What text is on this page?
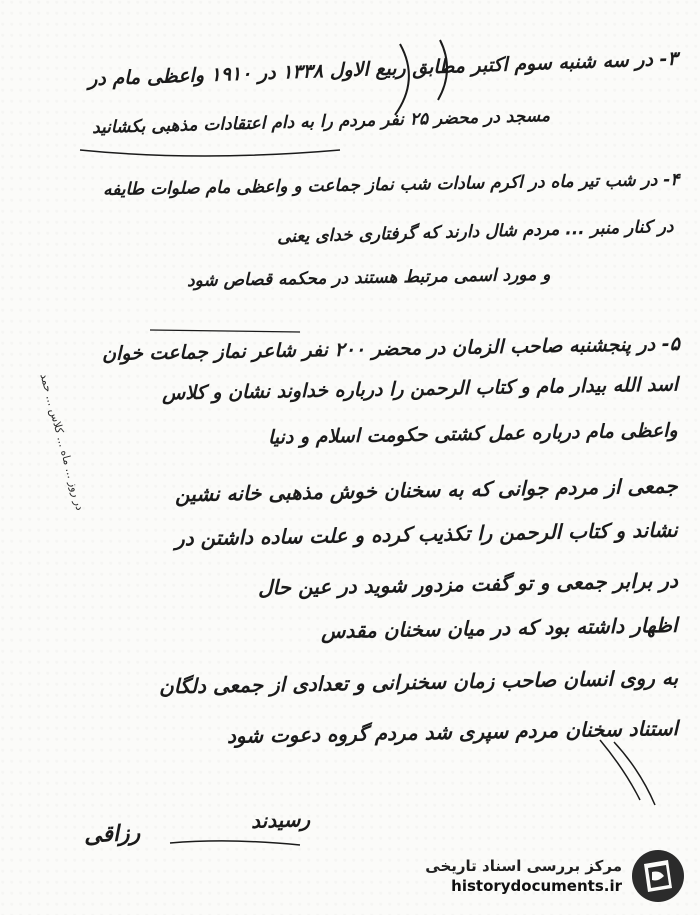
۳- در سه شنبه سوم اکتبر مطابق ربیع الاول ۱۳۳۸ در ۱۹۱۰ واعظی مام در
مسجد در محضر ۲۵ نفر مردم را به دام اعتقادات مذهبی بکشانید
۴- در شب تیر ماه در اکرم سادات شب نماز جماعت و واعظی مام صلوات طایفه
در کنار منبر ... مردم شال دارند که گرفتاری خدای یعنی
و مورد اسمی مرتبط هستند در محکمه قصاص شود
۵- در پنجشنبه صاحب الزمان در محضر ۲۰۰ نفر شاعر نماز جماعت خوان
اسد الله بیدار مام و کتاب الرحمن را درباره خداوند نشان و کلاس
واعظی مام درباره عمل کشتی حکومت اسلام و دنیا
جمعی از مردم جوانی که به سخنان خوش مذهبی خانه نشین
نشاند و کتاب الرحمن را تکذیب کرده و علت ساده داشتن در
در برابر جمعی و تو گفت مزدور شوید در عین حال
اظهار داشته بود که در میان سخنان مقدس
به روی انسان صاحب زمان سخنرانی و تعدادی از جمعی دلگان
استناد سخنان مردم سپری شد مردم گروه دعوت شود
رسیدند
رزاقی
در روز ... ماه ... کلاس ... حمد
مرکز بررسی اسناد تاریخی
historydocuments.ir
